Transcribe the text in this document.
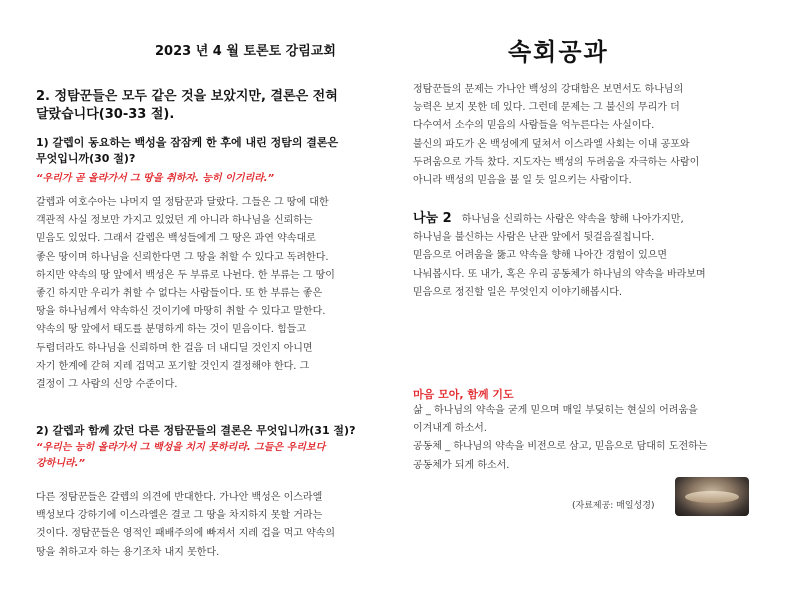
2023 년 4 월 토론토 강림교회	속회공과
2. 정탐꾼들은 모두 같은 것을 보았지만, 결론은 전혀
달랐습니다(30-33 절).
1) 갈렙이 동요하는 백성을 잠잠케 한 후에 내린 정탐의 결론은
무엇입니까(30 절)?
“우리가 곧 올라가서 그 땅을 취하자. 능히 이기리라.”
갈렙과 여호수아는 나머지 열 정탐꾼과 달랐다. 그들은 그 땅에 대한
객관적 사실 정보만 가지고 있었던 게 아니라 하나님을 신뢰하는
믿음도 있었다. 그래서 갈렙은 백성들에게 그 땅은 과연 약속대로
좋은 땅이며 하나님을 신뢰한다면 그 땅을 취할 수 있다고 독려한다.
하지만 약속의 땅 앞에서 백성은 두 부류로 나뉜다. 한 부류는 그 땅이
좋긴 하지만 우리가 취할 수 없다는 사람들이다. 또 한 부류는 좋은
땅을 하나님께서 약속하신 것이기에 마땅히 취할 수 있다고 말한다.
약속의 땅 앞에서 태도를 분명하게 하는 것이 믿음이다. 힘들고
두렵더라도 하나님을 신뢰하며 한 걸음 더 내디딜 것인지 아니면
자기 한계에 갇혀 지레 겁먹고 포기할 것인지 결정해야 한다. 그
결정이 그 사람의 신앙 수준이다.
2) 갈렙과 함께 갔던 다른 정탐꾼들의 결론은 무엇입니까(31 절)?
“우리는 능히 올라가서 그 백성을 치지 못하리라. 그들은 우리보다
강하니라.”
다른 정탐꾼들은 갈렙의 의견에 반대한다. 가나안 백성은 이스라엘
백성보다 강하기에 이스라엘은 결코 그 땅을 차지하지 못할 거라는
것이다. 정탐꾼들은 영적인 패배주의에 빠져서 지레 겁을 먹고 약속의
땅을 취하고자 하는 용기조차 내지 못한다.
정탐꾼들의 문제는 가나안 백성의 강대함은 보면서도 하나님의
능력은 보지 못한 데 있다. 그런데 문제는 그 불신의 무리가 더
다수여서 소수의 믿음의 사람들을 억누른다는 사실이다.
불신의 파도가 온 백성에게 덮쳐서 이스라엘 사회는 이내 공포와
두려움으로 가득 찼다. 지도자는 백성의 두려움을 자극하는 사람이
아니라 백성의 믿음을 불 일 듯 일으키는 사람이다.
나눔 2 하나님을 신뢰하는 사람은 약속을 향해 나아가지만,
하나님을 불신하는 사람은 난관 앞에서 뒷걸음질칩니다.
믿음으로 어려움을 뚫고 약속을 향해 나아간 경험이 있으면
나눠봅시다. 또 내가, 혹은 우리 공동체가 하나님의 약속을 바라보며
믿음으로 정진할 일은 무엇인지 이야기해봅시다.
마음 모아, 함께 기도
삶 _ 하나님의 약속을 굳게 믿으며 매일 부딪히는 현실의 어려움을
이겨내게 하소서.
공동체 _ 하나님의 약속을 비전으로 삼고, 믿음으로 담대히 도전하는
공동체가 되게 하소서.
(자료제공: 매일성경)
